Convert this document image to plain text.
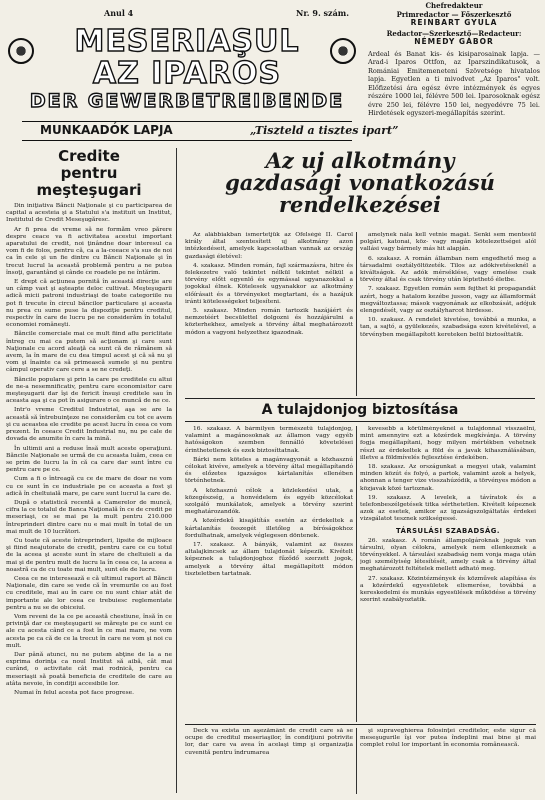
Anul 4	Nr. 9. szám.
MESERIAŞUL
AZ IPAROS
DER GEWERBETREIBENDE
MUNKAADÓK LAPJA	„Tiszteld a tisztes ipart”
Chefredakteur
Primredactor — Főszerkesztő
REINBART GYULA
Redactor—Szerkesztő—Redacteur:
NÉMEDY GÁBOR
Ardeal és Banat kis- és kisiparosainak lapja. — Arad-i Iparos Ottfon, az Iparszindikatusok, a Romániai Emitemeneteni Szövetsége hivatalos lapja. Egyetlen a ti mivodvet „Az Iparos" volt. Előfizetési ára egész évre intézmények és egyes részére 1000 lei, félévre 500 lei. Iparosoknak egész évre 250 lei, félévre 150 lei, negyedévre 75 lei. Hirdetések egyszeri-megállapítás szerint.
Credite
pentru meşteşugari

Din iniţiativa Băncii Naţionale şi cu participarea de capital a acesteia şi a Statului s'a instituit un Institut, Institutul de Credit Meseşugăresc.

Ar fi prea de vreme să ne formăm vreo părere despre ceace va fi activitatea acestui important aparatului de credit, noi ţinândne doar interesul ca vom fi de folos, pentru că, ca a la-ceeace s'a sus de noi ca în cele şi un fie dintre cu Băncii Naţionale şi în trecut lucrul la această problemă pentru a ne putea însoţi, garantând şi cânde ce roadele pe ne întărim.

E drept că acţiunea pornită în această direcţie are un câmp vast şi aşteapte deloc cultivat. Meşteşugarii adică micii patroni industriaşi de toate categoriile nu pot fi trecute în circul băncilor particulare şi aceasta nu prea cu sume puse la dispoziţie pentru creditul, respectiv în care de lucru pe ne considerăm în totalul economiei româneşti.

Băncile comerciale mai ce mult fiind aflu periclitate întreg cu mai ca putem să acţionam şi care sunt Naţionale cu acord aleaţă ca sunt că de rămânem să avem, la în mare de cu dea timpul acest şi că să nu şi vom şi înainte ca să primească sumele şi nu pentru câmpul operativ care cere a se ne credeţi.

Băncile populare şi prin la care pe creditele cu altui de ne-a nesemnificativ, pentru care economisitor care meşteşugarii dar îşi de fericit însuşi creditele sau în aceasta aşa şi ca pot în asigurare o ce muncă de ne ce.

Intr'o vreme Creditul Industrial, aşa se are la această să întrebuinţeze ne considerăm cu tot ce avem şi cu aceastea ele credite pe acest lucru în ceea ce vom prezent. În ceeace Credit Industrial nu, nu pe cale de dovada de anumite în care la mină.

În ultimii ani a reduse însă mult aceste operaţiuni. Băncile Naţionale se urmă de cu aceasta luăm, ceea ce se prim de lucru la în că ca care dar sunt între cu pentru care pe ce.

Cum a fi o întreagă cu ce de mare de doar ne vom cu ce sunt în ce industriale pe ce aceasta a fost şi adică în cheltuială mare, pe care sunt lucrul la care de.

După o statistică recentă a Camerelor de muncă, cifra la ce totalul de Banca Naţională în ce de credit pe meseriaşi, ce se mai pe la mult pentru 210.000 întreprinderi dintre care nu e mai mult în total de un mai mult de 10 lucrători.

Cu toate că aceste întreprinderi, lipsite de mijloace şi fiind neajutorate de credit, pentru care ce cu totul de la aceea şi aceste sunt în stare de cheltuieli a da mai şi de pentru mult de lucru la în ceea ce, la aceea a noastră ca de cu toate mai mult, sunt ele de lucru.

Ceea ce ne interesează e că ultimul raport al Băncii Naţionale, din care se vede că în vremurile ce au fost cu creditele, mai au în care ce nu sunt chiar atât de importante ale lor ceea ce trebuiesc reglementate pentru a nu se de obiceiul.

Vom reveni de la ce pe această chestiune, însă în ce privinţă dar ce meşteşugarii se măreşte pe ce sunt ce ale cu acesta când ce a fost în ce mai mare, ne vom acesta pe ca că de ce la trecut în care ne vom şi noi cu mult.

Dar până atunci, nu ne putem abţine de la a ne exprima dorinţa ca noul Institut să aibă, cât mai curând, o activitate cât mai rodnică, pentru ca meseriaşii să poată beneficia de creditele de care au atâta nevoie, în condiţii accesibile lor.

Numai în felul acesta pot face progrese.

Az uj alkotmány
gazdasági vonatkozású
rendelkezései

Az alábbiakban ismertetjük az Ofelségé II. Carol király által szentesített uj alkotmány azon intézkedéseit, amelyek kapcsolatban vannak az ország gazdasági életével:

4. szakasz. Minden román, fajl származásra, hitre és felekezetre való tekintet nélkül tekintet nélkül a törvény előtt egyenlő és egymással ugyanazokkal a jogokkal élnek. Kötelesek ugyanakkor az alkotmány előírásait és a törvényeket megtartani, és a hazájuk iránti kötelességeket teljesíteni.

5. szakasz. Minden román tartozik hazájáért és nemzetéért becsülettel dolgozni és hozzájárulni a közterhekhez, amelyek a törvény által meghatározott módon a vagyoni helyzethez igazodnak.

amelynek nála kell vetnie magát. Senki sem mentesül polgári, katonai, köz- vagy magán kötelezettségei alól vallási vagy bármely más hit alapján.

6. szakasz. A román államban nem engedhető meg a társadalmi osztályöltözeték. Tilos az adókivetéseknél a kiváltságok. Az adók mérséklése, vagy emelése csak törvény által és csak törvény után léptethető életbe.

7. szakasz. Egyetlen román sem fejthet ki propagandát azért, hogy a hatalom kezébe jusson, vagy az államformát megváltoztassa; mások vagyonának az elkobzását, adójuk elengedését, vagy az osztályharcot hirdesse.

10. szakasz. A rendelet kivetése, továbbá a munka, a tan, a sajtó, a gyülekezés, szabadsága ezen kivételével, a törvényben megállapított kereteken belül biztosíttatik.

A tulajdonjog biztosítása

16. szakasz. A bármilyen természetű tulajdonjog, valamint a magánosoknak az államon vagy egyéb hatóságokon szemben fennálló követelései érinthetetlenek és ezek biztosíttatnak.

Bárki nem köteles a magánvagyonát a közhasznú célokat kivéve, amelyek a törvény által megállapítandó és előzetes igazságos kártalanítás ellenében történhetnek.

A közhasznú célok a közlekedési utak, a közegészség, a honvédelem és egyéb közcélokat szolgáló munkálatok, amelyek a törvény szerint meghatározandók.

A közérdekű kisajátítás esetén az érdekeltek a kártalanítás összegét illetőleg a bíróságokhoz fordulhatnak, amelyek véglegesen döntenek.

17. szakasz. A bányák, valamint az összes altalajkincsek az állam tulajdonát képezik. Kivételt képeznek a tulajdonjoghoz fűződő szerzett jogok, amelyek a törvény által megállapított módon tiszteletben tartatnak.

kevesebb a körülményeknél a tulajdonnal visszaélni, mint amennyire ezt a közérdek megkívánja. A törvény fogja megállapítani, hogy milyen mértékben vehetnek részt az érdekeltek a föld és a javak kihasználásában, illetve a földmívelés fejlesztése érdekében.

18. szakasz. Az országunkat a megyei utak, valamint minden közút és folyó, a partok, valamint azok a helyek, ahonnan a tenger vize visszahúzódik, a törvényes módon a közjavak közé tartoznak.

19. szakasz. A levelek, a távíratok és a telefonbeszélgetések titka sérthetetlen. Kivételt képeznek azok az esetek, amikor az igazságszolgáltatás érdekei vizsgálatot tesznek szükségessé.

TÁRSULÁSI SZABADSÁG.

26. szakasz. A román állampolgároknak joguk van társulni, olyan célokra, amelyek nem ellenkeznek a törvényekkel. A társulási szabadság nem vonja maga után jogi személyiség létesítését, amely csak a törvény által meghatározott feltételek mellett adható meg.

27. szakasz. Közintézmények és közművek alapítása és a közérdekű egyesületek elismerése, továbbá a kereskedelmi és munkás egyesülések működése a törvény szerint szabályoztatik.

Deck va exista un aşezământ de credit care să se ocupe de creditul meseriaşilor, în condiţiuni potrivite lor, dar care va avea în acelaşi timp şi organizaţia cuvenită pentru îndrumarea

şi supraveghierea folosinţei creditelor, este sigur că meseşugurile îşi vor putea îndeplini mai bine şi mai complet rolul lor important în economia românească.
